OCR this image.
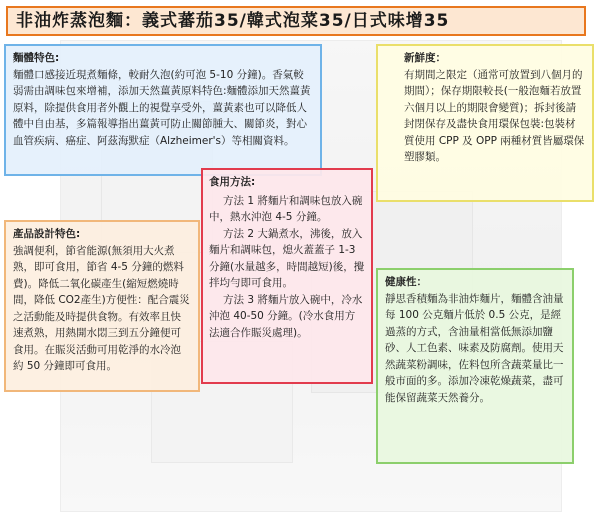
非油炸蒸泡麵：義式蕃茄35/韓式泡菜35/日式味增35
麵體特色:

麵體口感接近現煮麵條，較耐久泡(約可泡 5-10 分鐘)。香氣較弱需由調味包來增補，添加天然薑黃原料特色:麵體添加天然薑黃原料，除提供食用者外觀上的視覺享受外，薑黃素也可以降低人體中自由基，多篇報導指出薑黃可防止關節腫大、關節炎，對心血管疾病、癌症、阿茲海默症（Alzheimer's）等相關資料。

新鮮度：

有期間之限定（通常可放置到八個月的期間）；保存期限較長(一般泡麵若放置六個月以上的期限會變質)；拆封後請封閉保存及盡快食用環保包裝:包裝材質使用 CPP 及 OPP 兩種材質皆屬環保塑膠類。

產品設計特色:

強調便利，節省能源(無須用大火煮熟，即可食用，節省 4-5 分鐘的燃料費)。降低二氧化碳產生(縮短燃燒時間，降低 CO2產生)方便性：配合震災之活動能及時提供食物。有效率且快速煮熟，用熱開水悶三到五分鐘便可食用。在賑災活動可用乾淨的水冷泡約 50 分鐘即可食用。

健康性：

靜思香積麵為非油炸麵片，麵體含油量每 100 公克麵片低於 0.5 公克，是經過蒸的方式，含油量相當低無添加鹽砂、人工色素、味素及防腐劑。使用天然蔬菜粉調味，佐料包所含蔬菜量比一般市面的多。添加冷凍乾燥蔬菜，盡可能保留蔬菜天然養分。

食用方法:

方法 1 將麵片和調味包放入碗中，熱水沖泡 4-5 分鐘。

方法 2 大鍋煮水，沸後，放入麵片和調味包，熄火蓋蓋子 1-3 分鐘(水量越多，時間越短)後，攪拌均勻即可食用。

方法 3 將麵片放入碗中，冷水沖泡 40-50 分鐘。(冷水食用方法適合作賑災處理)。
